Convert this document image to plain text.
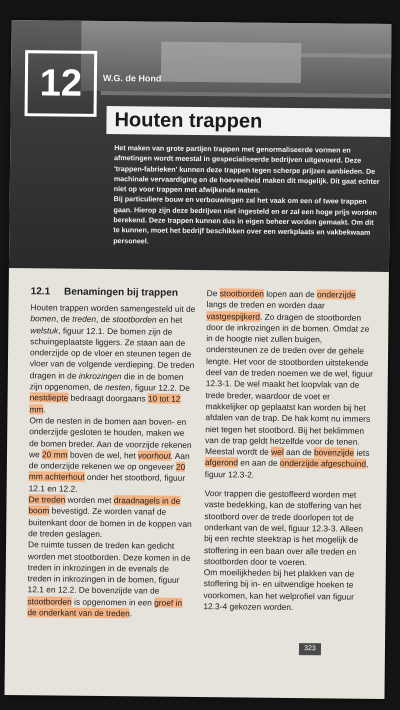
12	W.G. de Hond
Houten trappen

Het maken van grote partijen trappen met genormaliseerde vormen en afmetingen wordt meestal in gespecialiseerde bedrijven uitgevoerd. Deze 'trappen-fabrieken' kunnen deze trappen tegen scherpe prijzen aanbieden. De machinale vervaardiging en de hoeveelheid maken dit mogelijk. Dit gaat echter niet op voor trappen met afwijkende maten.

Bij particuliere bouw en verbouwingen zal het vaak om een of twee trappen gaan. Hierop zijn deze bedrijven niet ingesteld en er zal een hoge prijs worden berekend. Deze trappen kunnen dus in eigen beheer worden gemaakt. Om dit te kunnen, moet het bedrijf beschikken over een werkplaats en vakbekwaam personeel.

12.1 Benamingen bij trappen

Houten trappen worden samengesteld uit de bomen, de treden, de stootborden en het welstuk, figuur 12.1. De bomen zijn de schuingeplaatste liggers. Ze staan aan de onderzijde op de vloer en steunen tegen de vloer van de volgende verdieping. De treden dragen in de inkrozingen die in de bomen zijn opgenomen, de nesten, figuur 12.2. De nestdiepte bedraagt doorgaans 10 tot 12 mm.

Om de nesten in de bomen aan boven- en onderzijde gesloten te houden, maken we de bomen breder. Aan de voorzijde rekenen we 20 mm boven de wel, het voorhout. Aan de onderzijde rekenen we op ongeveer 20 mm achterhout onder het stootbord, figuur 12.1 en 12.2.

De treden worden met draadnagels in de boom bevestigd. Ze worden vanaf de buitenkant door de bomen in de koppen van de treden geslagen.

De ruimte tussen de treden kan gedicht worden met stootborden. Deze komen in de treden in inkrozingen in de evenals de treden in inkrozingen in de bomen, figuur 12.1 en 12.2. De bovenzijde van de stootborden is opgenomen in een groef in de onderkant van de treden.

De stootborden lopen aan de onderzijde langs de treden en worden daar vastgespijkerd. Zo dragen de stootborden door de inkrozingen in de bomen. Omdat ze in de hoogte niet zullen buigen, ondersteunen ze de treden over de gehele lengte. Het voor de stootborden uitstekende deel van de treden noemen we de wel, figuur 12.3-1. De wel maakt het loopvlak van de trede breder, waardoor de voet er makkelijker op geplaatst kan worden bij het afdalen van de trap. De hak komt nu immers niet tegen het stootbord. Bij het beklimmen van de trap geldt hetzelfde voor de tenen. Meestal wordt de wel aan de bovenzijde iets afgerond en aan de onderzijde afgeschuind, figuur 12.3-2.

Voor trappen die gestoffeerd worden met vaste bedekking, kan de stoffering van het stootbord over de trede doorlopen tot de onderkant van de wel, figuur 12.3-3. Alleen bij een rechte steektrap is het mogelijk de stoffering in een baan over alle treden en stootborden door te voeren.

Om moeilijkheden bij het plakken van de stoffering bij in- en uitwendige hoeken te voorkomen, kan het welprofiel van figuur 12.3-4 gekozen worden.

323
